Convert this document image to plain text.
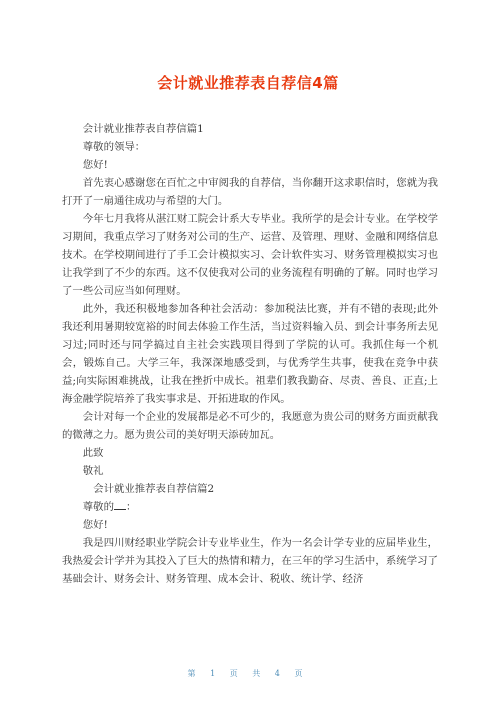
会计就业推荐表自荐信4篇

会计就业推荐表自荐信篇1

尊敬的领导：

您好!

首先衷心感谢您在百忙之中审阅我的自荐信，当你翻开这求职信时，您就为我打开了一扇通往成功与希望的大门。

今年七月我将从湛江财工院会计系大专毕业。我所学的是会计专业。在学校学习期间，我重点学习了财务对公司的生产、运营、及管理、理财、金融和网络信息技术。在学校期间进行了手工会计模拟实习、会计软件实习、财务管理模拟实习也让我学到了不少的东西。这不仅使我对公司的业务流程有明确的了解。同时也学习了一些公司应当如何理财。

此外，我还积极地参加各种社会活动：参加税法比赛，并有不错的表现;此外我还利用暑期较宽裕的时间去体验工作生活，当过资料输入员、到会计事务所去见习过;同时还与同学搞过自主社会实践项目得到了学院的认可。我抓住每一个机会，锻炼自己。大学三年，我深深地感受到，与优秀学生共事，使我在竞争中获益;向实际困难挑战，让我在挫折中成长。祖辈们教我勤奋、尽责、善良、正直;上海金融学院培养了我实事求是、开拓进取的作风。

会计对每一个企业的发展都是必不可少的，我愿意为贵公司的财务方面贡献我的微薄之力。愿为贵公司的美好明天添砖加瓦。

此致

敬礼

会计就业推荐表自荐信篇2

尊敬的 ：

您好!

我是四川财经职业学院会计专业毕业生，作为一名会计学专业的应届毕业生，我热爱会计学并为其投入了巨大的热情和精力，在三年的学习生活中，系统学习了基础会计、财务会计、财务管理、成本会计、税收、统计学、经济

第 1 页 共 4 页
